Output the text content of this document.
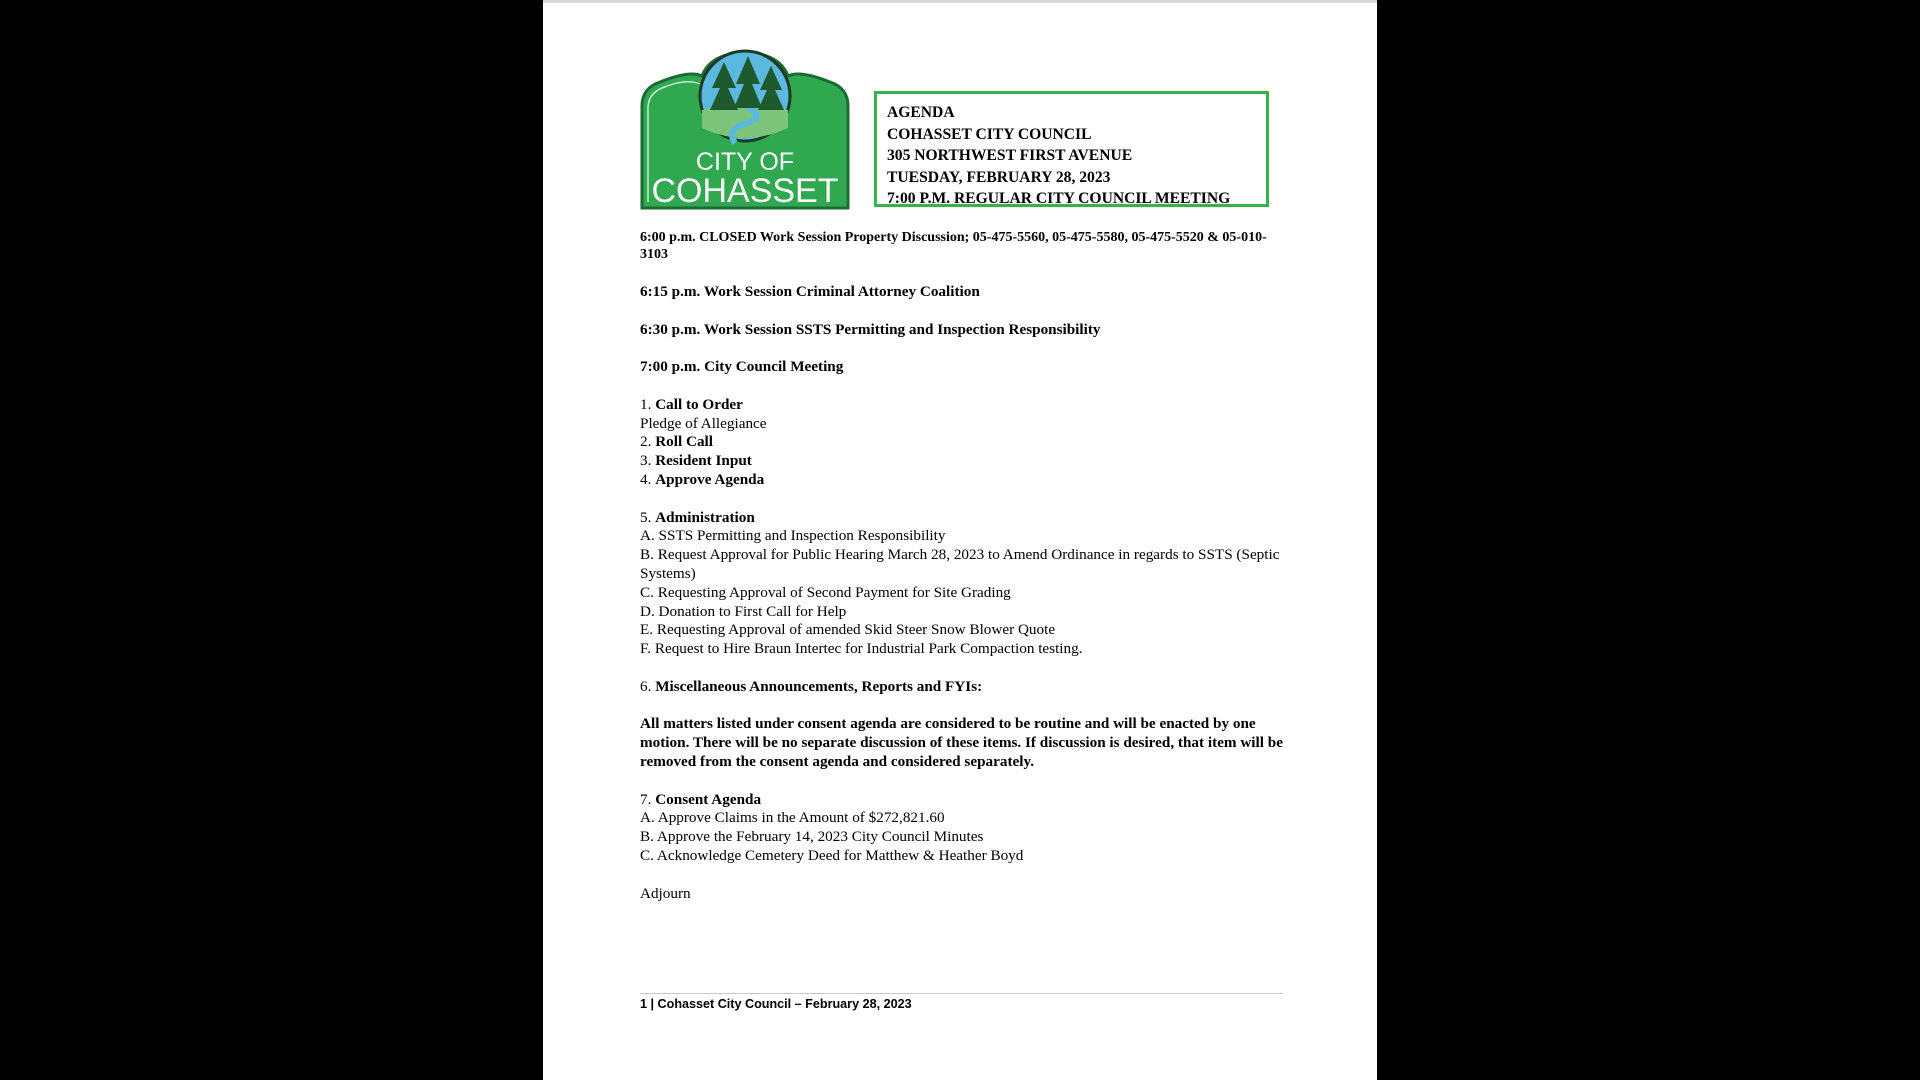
CITY OF
COHASSET
AGENDA
COHASSET CITY COUNCIL
305 NORTHWEST FIRST AVENUE
TUESDAY, FEBRUARY 28, 2023
7:00 P.M. REGULAR CITY COUNCIL MEETING

6:00 p.m. CLOSED Work Session Property Discussion; 05-475-5560, 05-475-5580, 05-475-5520 & 05-010-3103

6:15 p.m. Work Session Criminal Attorney Coalition

6:30 p.m. Work Session SSTS Permitting and Inspection Responsibility

7:00 p.m. City Council Meeting

1. Call to Order

Pledge of Allegiance

2. Roll Call

3. Resident Input

4. Approve Agenda

5. Administration

A. SSTS Permitting and Inspection Responsibility

B. Request Approval for Public Hearing March 28, 2023 to Amend Ordinance in regards to SSTS (Septic Systems)

C. Requesting Approval of Second Payment for Site Grading

D. Donation to First Call for Help

E. Requesting Approval of amended Skid Steer Snow Blower Quote

F. Request to Hire Braun Intertec for Industrial Park Compaction testing.

6. Miscellaneous Announcements, Reports and FYIs:

All matters listed under consent agenda are considered to be routine and will be enacted by one motion. There will be no separate discussion of these items. If discussion is desired, that item will be removed from the consent agenda and considered separately.

7. Consent Agenda

A. Approve Claims in the Amount of $272,821.60

B. Approve the February 14, 2023 City Council Minutes

C. Acknowledge Cemetery Deed for Matthew & Heather Boyd

Adjourn

1 | Cohasset City Council – February 28, 2023
